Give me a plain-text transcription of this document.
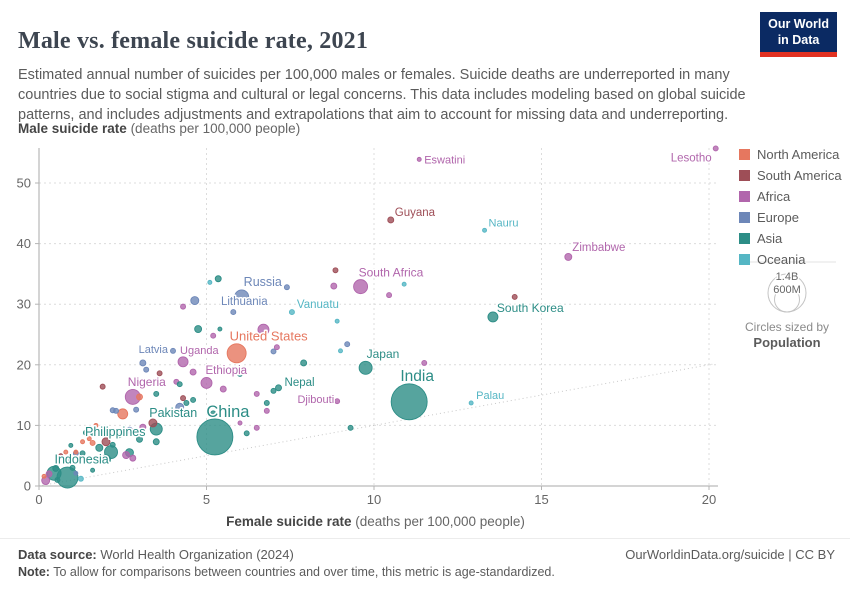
Male vs. female suicide rate, 2021

Estimated annual number of suicides per 100,000 males or females. Suicide deaths are underreported in many countries due to social stigma and cultural or legal concerns. This data includes modeling based on global suicide patterns, and includes adjustments and extrapolations that aim to account for missing data and underreporting.

Our World
in Data
Male suicide rate (deaths per 100,000 people)
0
10
20
30
40
50
0	5	10	15	20
Eswatini	Lesotho
Guyana
Nauru
Zimbabwe
South Africa
South Korea
Russia
Lithuania	Vanuatu
United States
Latvia Uganda
Ethiopia
Japan
Nigeria	Nepal
Djibouti
India
Palau
China
Pakistan
Philippines
Indonesia
1.4B
600M
Circles sized by
Population
Female suicide rate (deaths per 100,000 people)
North America
South America
Africa
Europe
Asia
Oceania
Data source: World Health Organization (2024)	OurWorldinData.org/suicide | CC BY
Note: To allow for comparisons between countries and over time, this metric is age-standardized.
